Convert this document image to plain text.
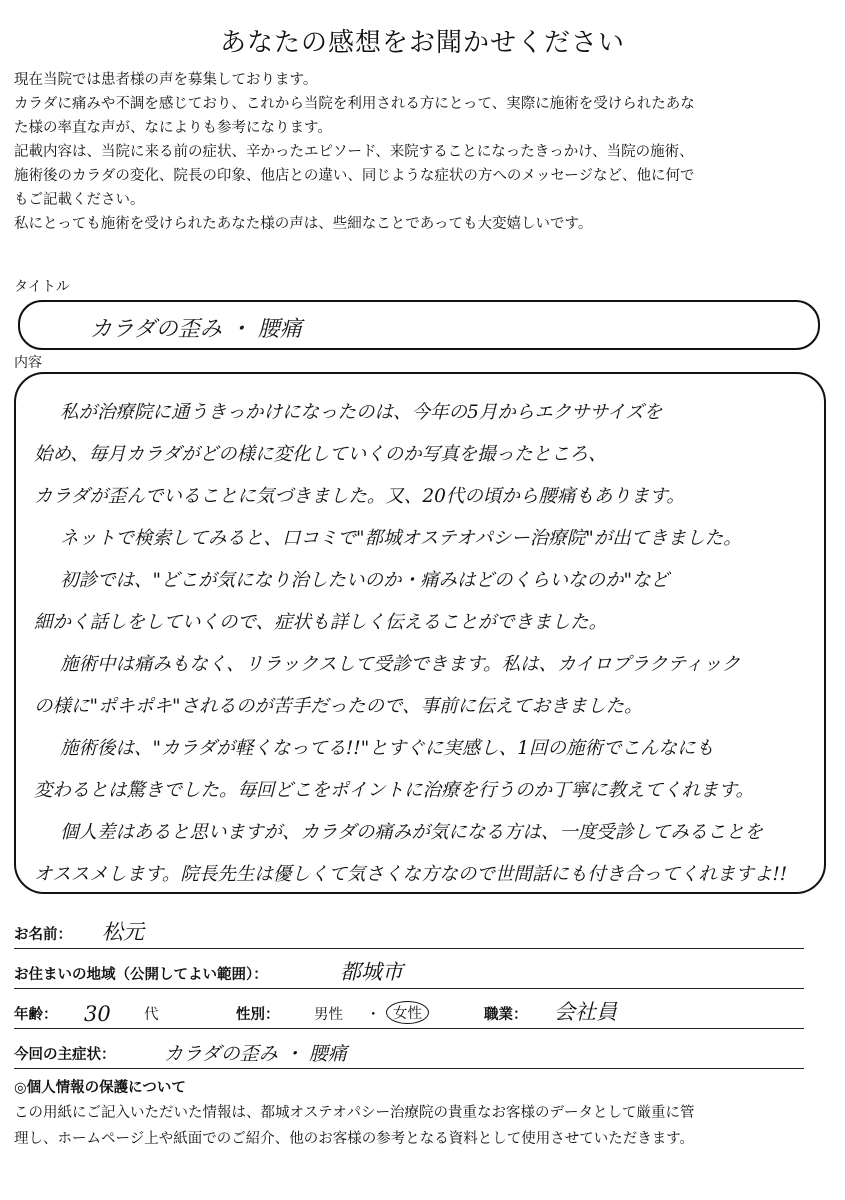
あなたの感想をお聞かせください

現在当院では患者様の声を募集しております。

カラダに痛みや不調を感じており、これから当院を利用される方にとって、実際に施術を受けられたあな

た様の率直な声が、なによりも参考になります。

記載内容は、当院に来る前の症状、辛かったエピソード、来院することになったきっかけ、当院の施術、

施術後のカラダの変化、院長の印象、他店との違い、同じような症状の方へのメッセージなど、他に何で

もご記載ください。

私にとっても施術を受けられたあなた様の声は、些細なことであっても大変嬉しいです。

タイトル
カラダの歪み ・ 腰痛
内容
私が治療院に通うきっかけになったのは、今年の5月からエクササイズを
始め、毎月カラダがどの様に変化していくのか写真を撮ったところ、
カラダが歪んでいることに気づきました。又、20代の頃から腰痛もあります。
ネットで検索してみると、口コミで"都城オステオパシー治療院"が出てきました。
初診では、"どこが気になり治したいのか・痛みはどのくらいなのか"など
細かく話しをしていくので、症状も詳しく伝えることができました。
施術中は痛みもなく、リラックスして受診できます。私は、カイロプラクティック
の様に"ポキポキ"されるのが苦手だったので、事前に伝えておきました。
施術後は、"カラダが軽くなってる!!"とすぐに実感し、1回の施術でこんなにも
変わるとは驚きでした。毎回どこをポイントに治療を行うのか丁寧に教えてくれます。
個人差はあると思いますが、カラダの痛みが気になる方は、一度受診してみることを
オススメします。院長先生は優しくて気さくな方なので世間話にも付き合ってくれますよ!!
お名前： 松元
お住まいの地域（公開してよい範囲）：	都城市
年齢： 30 代	性別： 男性 ・ 女性	職業： 会社員
今回の主症状：	カラダの歪み ・ 腰痛
◎個人情報の保護について

この用紙にご記入いただいた情報は、都城オステオパシー治療院の貴重なお客様のデータとして厳重に管

理し、ホームページ上や紙面でのご紹介、他のお客様の参考となる資料として使用させていただきます。
